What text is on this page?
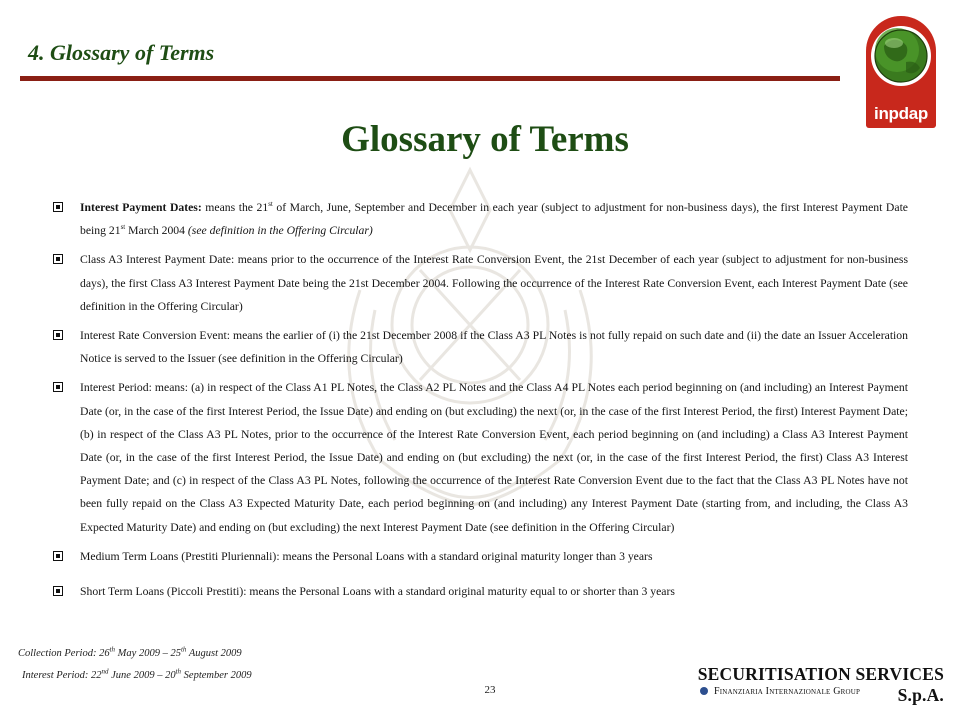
4. Glossary of Terms
inpdap
Glossary of Terms
Interest Payment Dates: means the 21st of March, June, September and December in each year (subject to adjustment for non-business days), the first Interest Payment Date being 21st March 2004 (see definition in the Offering Circular)
Class A3 Interest Payment Date: means prior to the occurrence of the Interest Rate Conversion Event, the 21st December of each year (subject to adjustment for non-business days), the first Class A3 Interest Payment Date being the 21st December 2004. Following the occurrence of the Interest Rate Conversion Event, each Interest Payment Date (see definition in the Offering Circular)
Interest Rate Conversion Event: means the earlier of (i) the 21st December 2008 if the Class A3 PL Notes is not fully repaid on such date and (ii) the date an Issuer Acceleration Notice is served to the Issuer (see definition in the Offering Circular)
Interest Period: means: (a) in respect of the Class A1 PL Notes, the Class A2 PL Notes and the Class A4 PL Notes each period beginning on (and including) an Interest Payment Date (or, in the case of the first Interest Period, the Issue Date) and ending on (but excluding) the next (or, in the case of the first Interest Period, the first) Interest Payment Date; (b) in respect of the Class A3 PL Notes, prior to the occurrence of the Interest Rate Conversion Event, each period beginning on (and including) a Class A3 Interest Payment Date (or, in the case of the first Interest Period, the Issue Date) and ending on (but excluding) the next (or, in the case of the first Interest Period, the first) Class A3 Interest Payment Date; and (c) in respect of the Class A3 PL Notes, following the occurrence of the Interest Rate Conversion Event due to the fact that the Class A3 PL Notes have not been fully repaid on the Class A3 Expected Maturity Date, each period beginning on (and including) any Interest Payment Date (starting from, and including, the Class A3 Expected Maturity Date) and ending on (but excluding) the next Interest Payment Date (see definition in the Offering Circular)
Medium Term Loans (Prestiti Pluriennali): means the Personal Loans with a standard original maturity longer than 3 years
Short Term Loans (Piccoli Prestiti): means the Personal Loans with a standard original maturity equal to or shorter than 3 years
Collection Period: 26th May 2009 – 25th August 2009
Interest Period: 22nd June 2009 – 20th September 2009
23
SECURITISATION SERVICES S.p.A.
Finanziaria Internazionale Group
